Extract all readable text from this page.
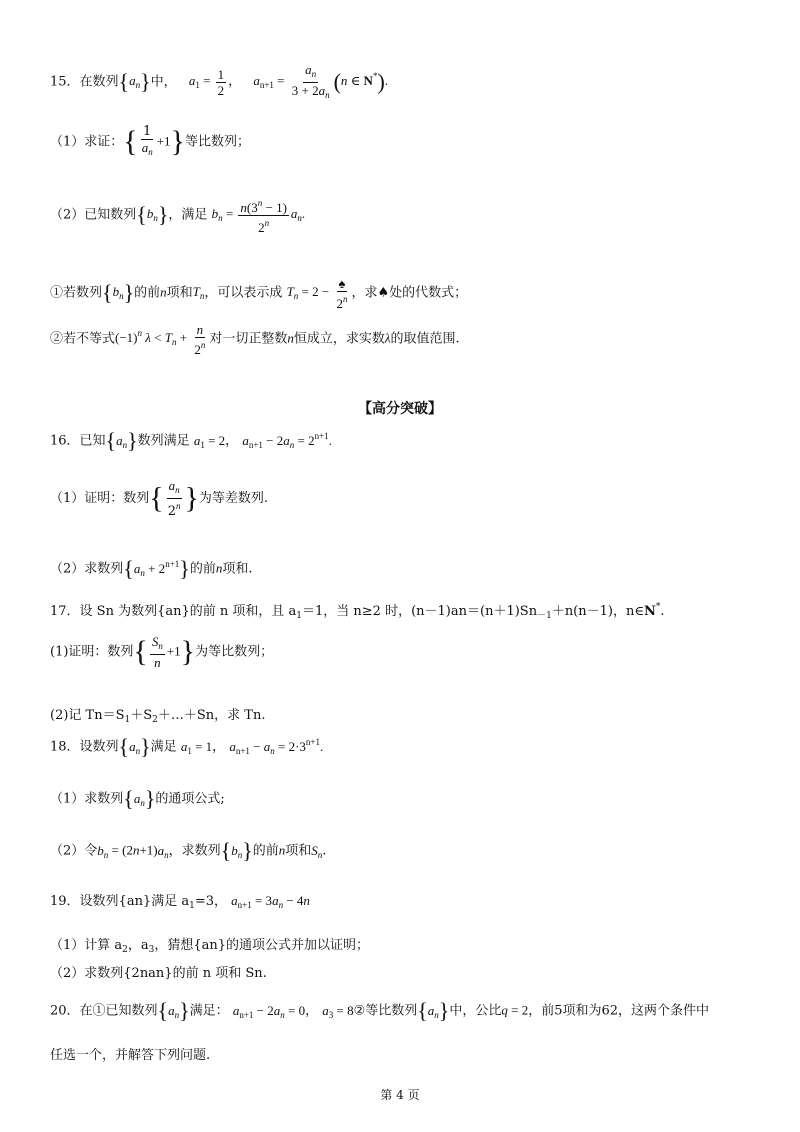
15．在数列$\{a_n\}$中， $a_1 = \frac{1}{2}$ ， $a_{n+1} = \frac{a_n}{3 + 2a_n} (n$ ∈ N*).
（1）求证：{ $\frac{1}{a_n} +1$}等比数列；
（2）已知数列$\{b_n\}$，满足 $b_n = \frac{n(3^n - 1)}{2^n} a_n$.
①若数列$\{b_n\}$的前n项和$T_n$，可以表示成 $T_n = 2 - \frac{♠}{2^n}$ ，求♠处的代数式；
②若不等式$(-1)^n$ $\lambda < T_n + \frac{n}{2^n}$ 对一切正整数n恒成立，求实数λ的取值范围.
【高分突破】
16．已知$\{a_n\}$数列满足 $a_1 = 2$， $a_{n+1} - 2a_n = 2^{n+1}$.
（1）证明：数列{ $\frac{a_n}{2^n}$ }为等差数列.
（2）求数列$\{a_n + 2^{n+1}\}$的前n项和.
17．设 Sn 为数列{an}的前 n 项和，且 $a_1=1$，当 n≥2 时，$(n-1)an=(n+1)Sn_{-1}+n(n-1)$，n∈N*.
(1)证明：数列{ $\frac{S_n}{n} +1$}为等比数列；
(2)记 $Tn=S_1+S_2+\dots+Sn$，求 Tn.
18．设数列$\{a_n\}$满足 $a_1 = 1$， $a_{n+1} - a_n = 2\cdot 3^{n+1}$.
（1）求数列$\{a_n\}$的通项公式;
（2）令$b_n = (2n+1)a_n$，求数列$\{b_n\}$的前n项和$S_n$.
19．设数列{an}满足 $a_1=3$， $a_{n+1} = 3a_n - 4n$
（1）计算 $a_2$，$a_3$，猜想{an}的通项公式并加以证明；
（2）求数列{2nan}的前 n 项和 Sn.
20．在①已知数列$\{a_n\}$满足： $a_{n+1} - 2a_n = 0$， $a_3$ = 8②等比数列$\{a_n\}$中，公比q = 2，前5项和为62，这两个条件中
任选一个，并解答下列问题.
第 4 页
